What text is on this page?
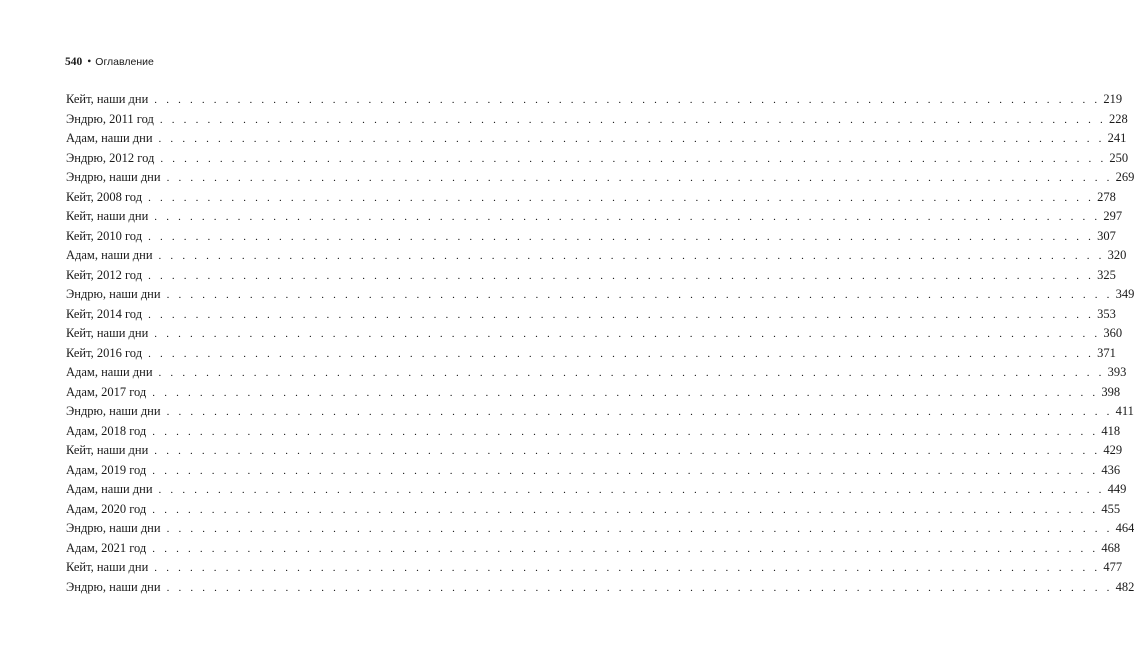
540 • Оглавление
Кейт, наши дни . . . . . . . . . . . . . . . . . . . . . . . . . . . . . . . . . . . . . . . . . . . . . . . . . . . . . . . . . . . . . . . . . . . . . . . . . . . . . . . . 219
Эндрю, 2011 год . . . . . . . . . . . . . . . . . . . . . . . . . . . . . . . . . . . . . . . . . . . . . . . . . . . . . . . . . . . . . . . . . . . . . . . . . . . . . . . . 228
Адам, наши дни . . . . . . . . . . . . . . . . . . . . . . . . . . . . . . . . . . . . . . . . . . . . . . . . . . . . . . . . . . . . . . . . . . . . . . . . . . . . . . . . 241
Эндрю, 2012 год . . . . . . . . . . . . . . . . . . . . . . . . . . . . . . . . . . . . . . . . . . . . . . . . . . . . . . . . . . . . . . . . . . . . . . . . . . . . . . . . 250
Эндрю, наши дни . . . . . . . . . . . . . . . . . . . . . . . . . . . . . . . . . . . . . . . . . . . . . . . . . . . . . . . . . . . . . . . . . . . . . . . . . . . . . . . . 269
Кейт, 2008 год . . . . . . . . . . . . . . . . . . . . . . . . . . . . . . . . . . . . . . . . . . . . . . . . . . . . . . . . . . . . . . . . . . . . . . . . . . . . . . . . 278
Кейт, наши дни . . . . . . . . . . . . . . . . . . . . . . . . . . . . . . . . . . . . . . . . . . . . . . . . . . . . . . . . . . . . . . . . . . . . . . . . . . . . . . . . 297
Кейт, 2010 год . . . . . . . . . . . . . . . . . . . . . . . . . . . . . . . . . . . . . . . . . . . . . . . . . . . . . . . . . . . . . . . . . . . . . . . . . . . . . . . . 307
Адам, наши дни . . . . . . . . . . . . . . . . . . . . . . . . . . . . . . . . . . . . . . . . . . . . . . . . . . . . . . . . . . . . . . . . . . . . . . . . . . . . . . . . 320
Кейт, 2012 год . . . . . . . . . . . . . . . . . . . . . . . . . . . . . . . . . . . . . . . . . . . . . . . . . . . . . . . . . . . . . . . . . . . . . . . . . . . . . . . . 325
Эндрю, наши дни . . . . . . . . . . . . . . . . . . . . . . . . . . . . . . . . . . . . . . . . . . . . . . . . . . . . . . . . . . . . . . . . . . . . . . . . . . . . . . . . 349
Кейт, 2014 год . . . . . . . . . . . . . . . . . . . . . . . . . . . . . . . . . . . . . . . . . . . . . . . . . . . . . . . . . . . . . . . . . . . . . . . . . . . . . . . . 353
Кейт, наши дни . . . . . . . . . . . . . . . . . . . . . . . . . . . . . . . . . . . . . . . . . . . . . . . . . . . . . . . . . . . . . . . . . . . . . . . . . . . . . . . . 360
Кейт, 2016 год . . . . . . . . . . . . . . . . . . . . . . . . . . . . . . . . . . . . . . . . . . . . . . . . . . . . . . . . . . . . . . . . . . . . . . . . . . . . . . . . 371
Адам, наши дни . . . . . . . . . . . . . . . . . . . . . . . . . . . . . . . . . . . . . . . . . . . . . . . . . . . . . . . . . . . . . . . . . . . . . . . . . . . . . . . . 393
Адам, 2017 год . . . . . . . . . . . . . . . . . . . . . . . . . . . . . . . . . . . . . . . . . . . . . . . . . . . . . . . . . . . . . . . . . . . . . . . . . . . . . . . . 398
Эндрю, наши дни . . . . . . . . . . . . . . . . . . . . . . . . . . . . . . . . . . . . . . . . . . . . . . . . . . . . . . . . . . . . . . . . . . . . . . . . . . . . . . . . 411
Адам, 2018 год . . . . . . . . . . . . . . . . . . . . . . . . . . . . . . . . . . . . . . . . . . . . . . . . . . . . . . . . . . . . . . . . . . . . . . . . . . . . . . . . 418
Кейт, наши дни . . . . . . . . . . . . . . . . . . . . . . . . . . . . . . . . . . . . . . . . . . . . . . . . . . . . . . . . . . . . . . . . . . . . . . . . . . . . . . . . 429
Адам, 2019 год . . . . . . . . . . . . . . . . . . . . . . . . . . . . . . . . . . . . . . . . . . . . . . . . . . . . . . . . . . . . . . . . . . . . . . . . . . . . . . . . 436
Адам, наши дни . . . . . . . . . . . . . . . . . . . . . . . . . . . . . . . . . . . . . . . . . . . . . . . . . . . . . . . . . . . . . . . . . . . . . . . . . . . . . . . . 449
Адам, 2020 год . . . . . . . . . . . . . . . . . . . . . . . . . . . . . . . . . . . . . . . . . . . . . . . . . . . . . . . . . . . . . . . . . . . . . . . . . . . . . . . . 455
Эндрю, наши дни . . . . . . . . . . . . . . . . . . . . . . . . . . . . . . . . . . . . . . . . . . . . . . . . . . . . . . . . . . . . . . . . . . . . . . . . . . . . . . . . 464
Адам, 2021 год . . . . . . . . . . . . . . . . . . . . . . . . . . . . . . . . . . . . . . . . . . . . . . . . . . . . . . . . . . . . . . . . . . . . . . . . . . . . . . . . 468
Кейт, наши дни . . . . . . . . . . . . . . . . . . . . . . . . . . . . . . . . . . . . . . . . . . . . . . . . . . . . . . . . . . . . . . . . . . . . . . . . . . . . . . . . 477
Эндрю, наши дни . . . . . . . . . . . . . . . . . . . . . . . . . . . . . . . . . . . . . . . . . . . . . . . . . . . . . . . . . . . . . . . . . . . . . . . . . . . . . . . . 482
